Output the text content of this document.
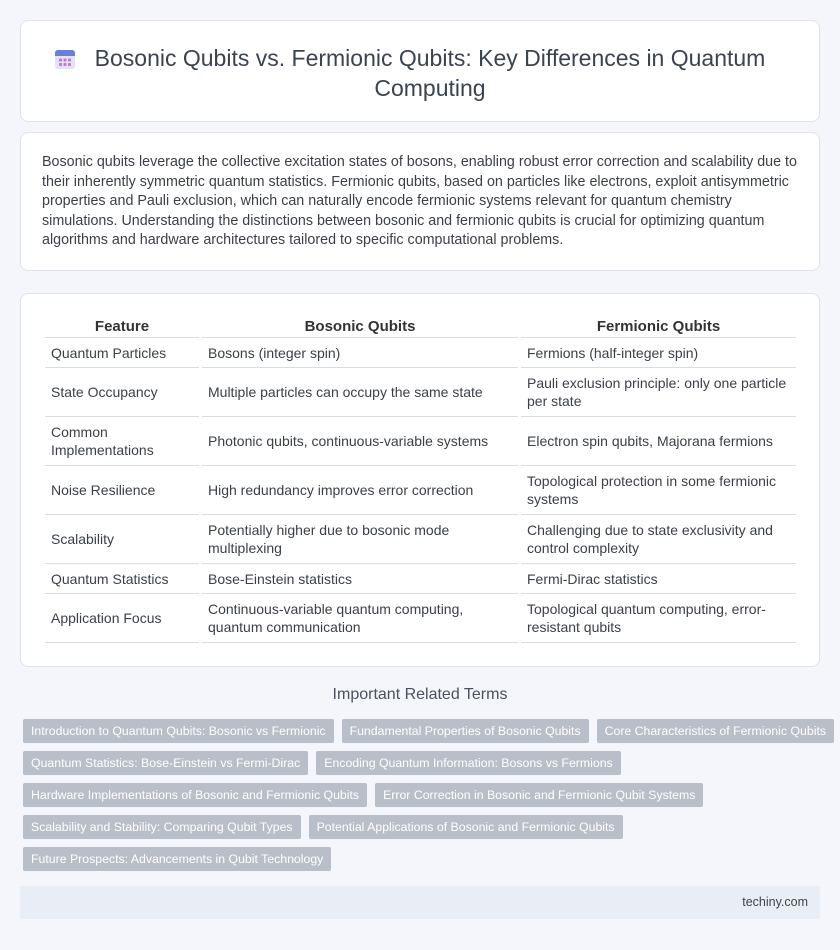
Bosonic Qubits vs. Fermionic Qubits: Key Differences in Quantum Computing

Bosonic qubits leverage the collective excitation states of bosons, enabling robust error correction and scalability due to their inherently symmetric quantum statistics. Fermionic qubits, based on particles like electrons, exploit antisymmetric properties and Pauli exclusion, which can naturally encode fermionic systems relevant for quantum chemistry simulations. Understanding the distinctions between bosonic and fermionic qubits is crucial for optimizing quantum algorithms and hardware architectures tailored to specific computational problems.

Feature	Bosonic Qubits	Fermionic Qubits
Quantum Particles	Bosons (integer spin)	Fermions (half-integer spin)
State Occupancy	Multiple particles can occupy the same state	Pauli exclusion principle: only one particle per state
Common Implementations	Photonic qubits, continuous-variable systems	Electron spin qubits, Majorana fermions
Noise Resilience	High redundancy improves error correction	Topological protection in some fermionic systems
Scalability	Potentially higher due to bosonic mode multiplexing	Challenging due to state exclusivity and control complexity
Quantum Statistics	Bose-Einstein statistics	Fermi-Dirac statistics
Application Focus	Continuous-variable quantum computing, quantum communication	Topological quantum computing, error-resistant qubits
Important Related Terms
Introduction to Quantum Qubits: Bosonic vs Fermionic	Fundamental Properties of Bosonic Qubits	Core Characteristics of Fermionic Qubits
Quantum Statistics: Bose-Einstein vs Fermi-Dirac	Encoding Quantum Information: Bosons vs Fermions
Hardware Implementations of Bosonic and Fermionic Qubits	Error Correction in Bosonic and Fermionic Qubit Systems
Scalability and Stability: Comparing Qubit Types	Potential Applications of Bosonic and Fermionic Qubits
Future Prospects: Advancements in Qubit Technology
techiny.com
